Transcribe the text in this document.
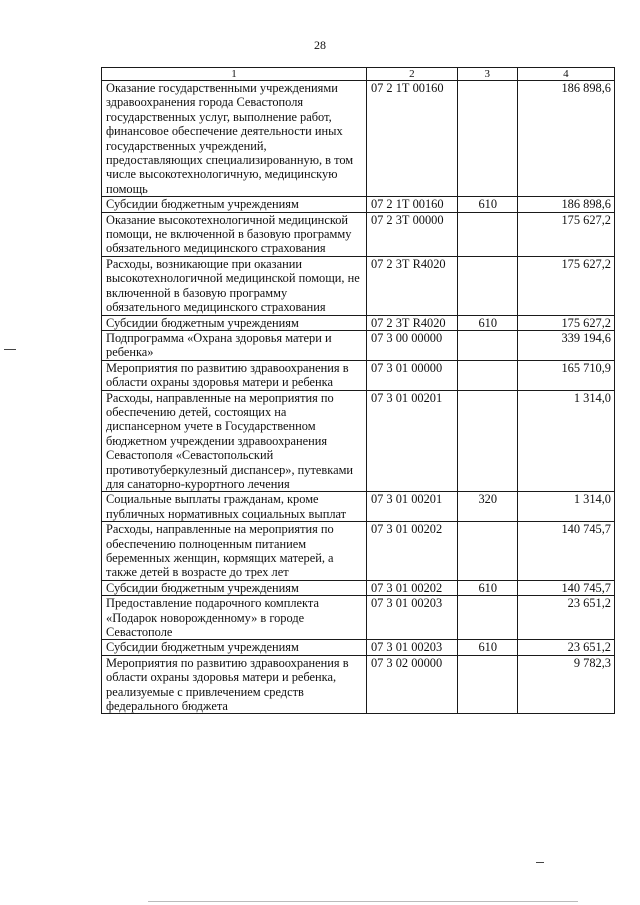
28
1	2	3	4
Оказание государственными учреждениями здравоохранения города Севастополя государственных услуг, выполнение работ, финансовое обеспечение деятельности иных государственных учреждений, предоставляющих специализированную, в том числе высокотехнологичную, медицинскую помощь	07 2 1Т 00160		186 898,6
Субсидии бюджетным учреждениям	07 2 1Т 00160	610	186 898,6
Оказание высокотехнологичной медицинской помощи, не включенной в базовую программу обязательного медицинского страхования	07 2 3Т 00000		175 627,2
Расходы, возникающие при оказании высокотехнологичной медицинской помощи, не включенной в базовую программу обязательного медицинского страхования	07 2 3Т R4020		175 627,2
Субсидии бюджетным учреждениям	07 2 3Т R4020	610	175 627,2
Подпрограмма «Охрана здоровья матери и ребенка»	07 3 00 00000		339 194,6
Мероприятия по развитию здравоохранения в области охраны здоровья матери и ребенка	07 3 01 00000		165 710,9
Расходы, направленные на мероприятия по обеспечению детей, состоящих на диспансерном учете в Государственном бюджетном учреждении здравоохранения Севастополя «Севастопольский противотуберкулезный диспансер», путевками для санаторно-курортного лечения	07 3 01 00201		1 314,0
Социальные выплаты гражданам, кроме публичных нормативных социальных выплат	07 3 01 00201	320	1 314,0
Расходы, направленные на мероприятия по обеспечению полноценным питанием беременных женщин, кормящих матерей, а также детей в возрасте до трех лет	07 3 01 00202		140 745,7
Субсидии бюджетным учреждениям	07 3 01 00202	610	140 745,7
Предоставление подарочного комплекта «Подарок новорожденному» в городе Севастополе	07 3 01 00203		23 651,2
Субсидии бюджетным учреждениям	07 3 01 00203	610	23 651,2
Мероприятия по развитию здравоохранения в области охраны здоровья матери и ребенка, реализуемые с привлечением средств федерального бюджета	07 3 02 00000		9 782,3
